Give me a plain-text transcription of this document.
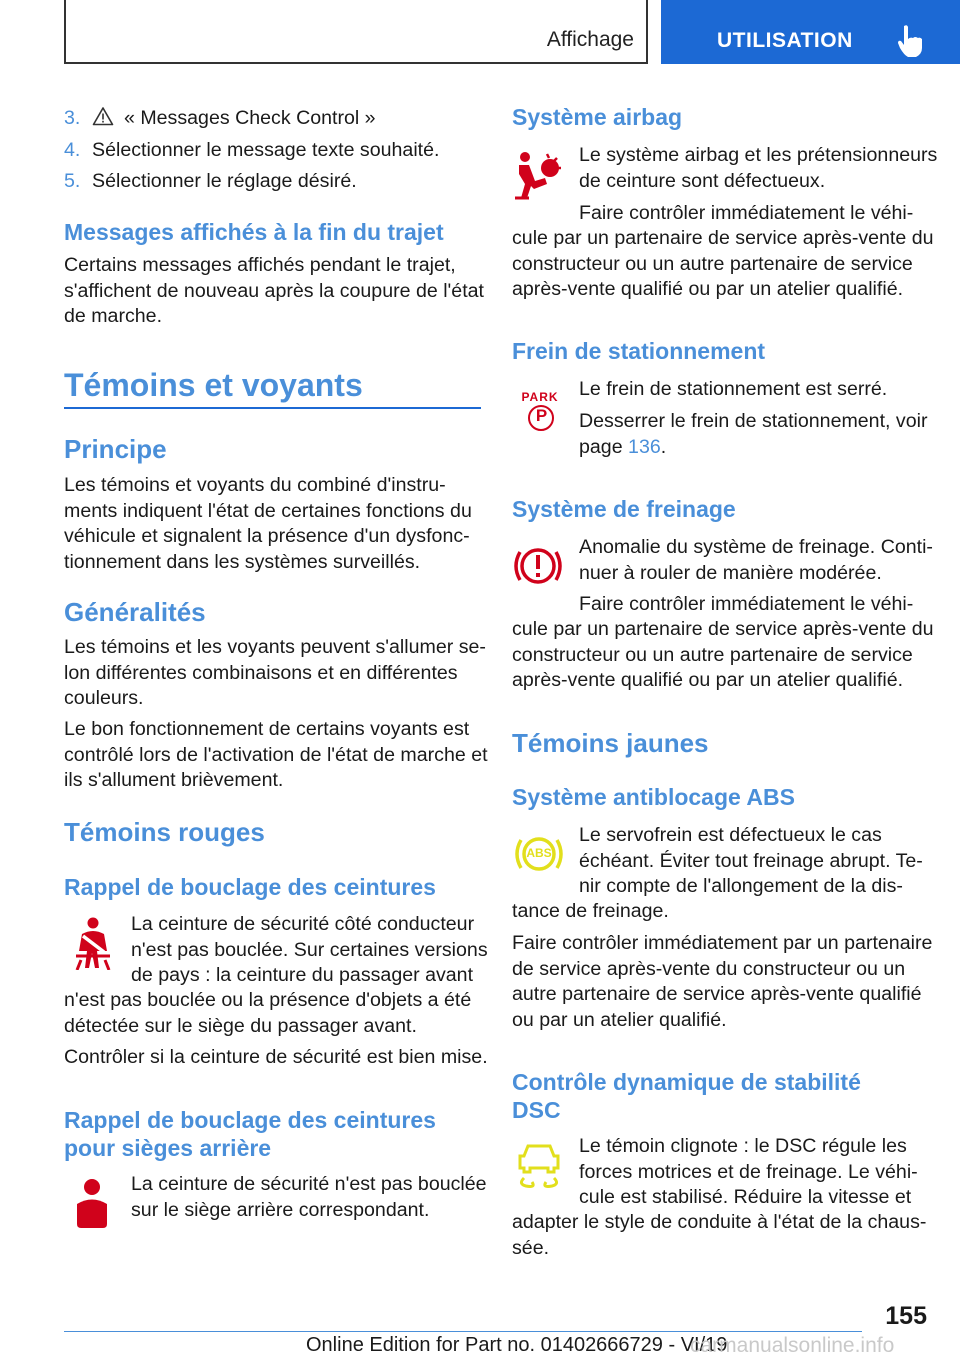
Affichage	UTILISATION
3. « Messages Check Control »
4. Sélectionner le message texte souhaité.
5. Sélectionner le réglage désiré.
Messages affichés à la fin du trajet
Certains messages affichés pendant le trajet,
s'affichent de nouveau après la coupure de l'état
de marche.
Témoins et voyants
Principe
Les témoins et voyants du combiné d'instru-
ments indiquent l'état de certaines fonctions du
véhicule et signalent la présence d'un dysfonc-
tionnement dans les systèmes surveillés.
Généralités
Les témoins et les voyants peuvent s'allumer se-
lon différentes combinaisons et en différentes
couleurs.
Le bon fonctionnement de certains voyants est
contrôlé lors de l'activation de l'état de marche et
ils s'allument brièvement.
Témoins rouges
Rappel de bouclage des ceintures
La ceinture de sécurité côté conducteur
n'est pas bouclée. Sur certaines versions
de pays : la ceinture du passager avant
n'est pas bouclée ou la présence d'objets a été
détectée sur le siège du passager avant.
Contrôler si la ceinture de sécurité est bien mise.
Rappel de bouclage des ceintures
pour sièges arrière
La ceinture de sécurité n'est pas bouclée
sur le siège arrière correspondant.
Système airbag
Le système airbag et les prétensionneurs
de ceinture sont défectueux.
Faire contrôler immédiatement le véhi-
cule par un partenaire de service après-vente du
constructeur ou un autre partenaire de service
après-vente qualifié ou par un atelier qualifié.
Frein de stationnement
PARK
P
Le frein de stationnement est serré.
Desserrer le frein de stationnement, voir
page 136.
Système de freinage
Anomalie du système de freinage. Conti-
nuer à rouler de manière modérée.
Faire contrôler immédiatement le véhi-
cule par un partenaire de service après-vente du
constructeur ou un autre partenaire de service
après-vente qualifié ou par un atelier qualifié.
Témoins jaunes
Système antiblocage ABS
ABS
Le servofrein est défectueux le cas
échéant. Éviter tout freinage abrupt. Te-
nir compte de l'allongement de la dis-
tance de freinage.
Faire contrôler immédiatement par un partenaire
de service après-vente du constructeur ou un
autre partenaire de service après-vente qualifié
ou par un atelier qualifié.
Contrôle dynamique de stabilité
DSC
Le témoin clignote : le DSC régule les
forces motrices et de freinage. Le véhi-
cule est stabilisé. Réduire la vitesse et
adapter le style de conduite à l'état de la chaus-
sée.
155
Online Edition for Part no. 01402666729 - VI/19
carmanualsonline.info
